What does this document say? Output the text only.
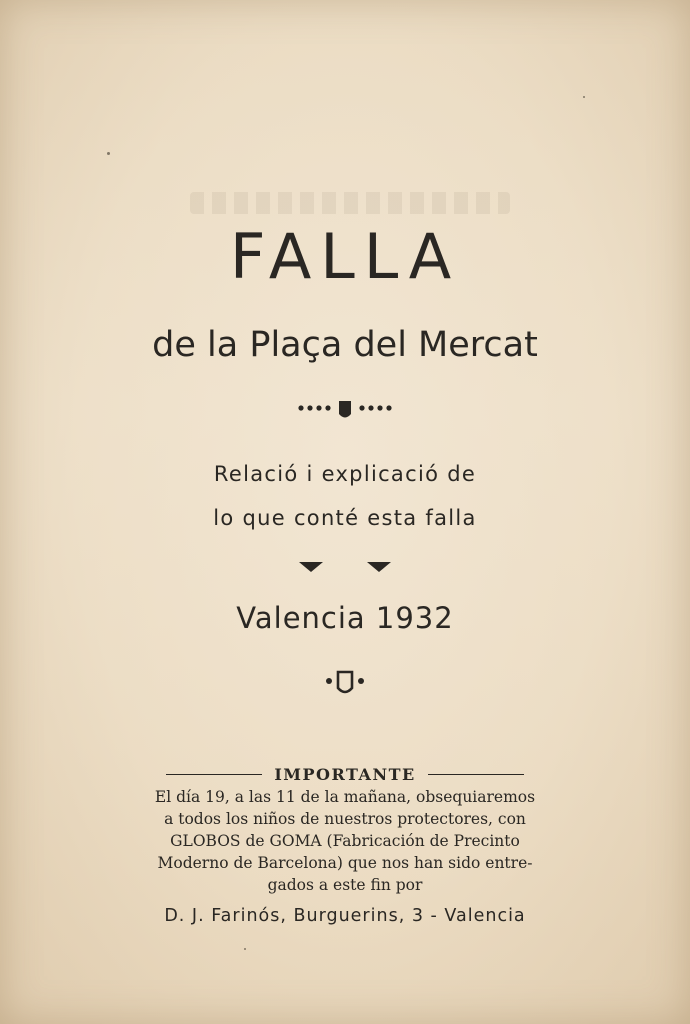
FALLA
de la Plaça del Mercat
Relació i explicació de
lo que conté esta falla
Valencia 1932
IMPORTANTE
El día 19, a las 11 de la mañana, obsequiaremos
a todos los niños de nuestros protectores, con
GLOBOS de GOMA (Fabricación de Precinto
Moderno de Barcelona) que nos han sido entre-
gados a este fin por
D. J. Farinós, Burguerins, 3 - Valencia
